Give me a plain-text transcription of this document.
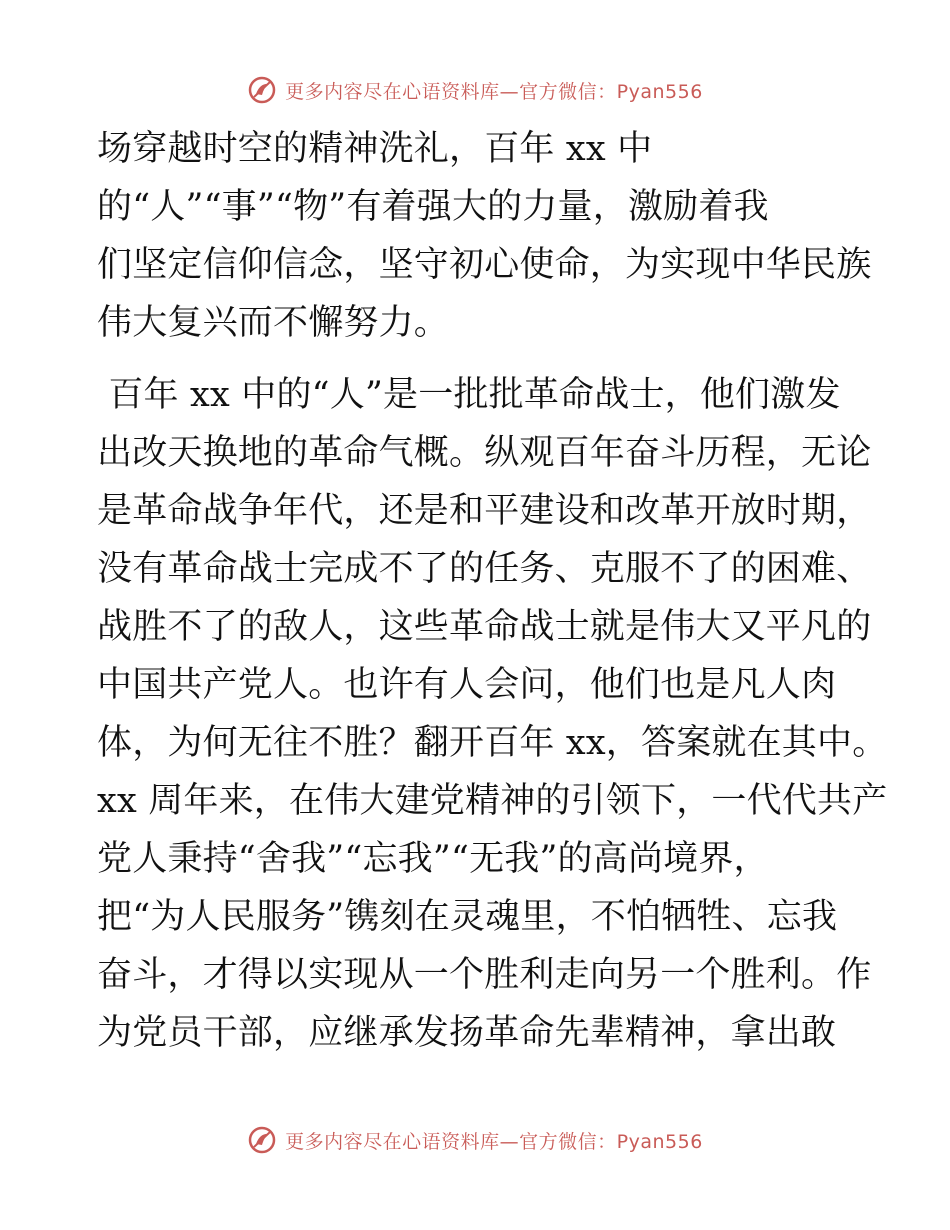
更多内容尽在心语资料库—官方微信：Pyan556
场穿越时空的精神洗礼，百年 xx 中
的“人”“事”“物”有着强大的力量，激励着我
们坚定信仰信念，坚守初心使命，为实现中华民族
伟大复兴而不懈努力。
百年 xx 中的“人”是一批批革命战士，他们激发
出改天换地的革命气概。纵观百年奋斗历程，无论
是革命战争年代，还是和平建设和改革开放时期，
没有革命战士完成不了的任务、克服不了的困难、
战胜不了的敌人，这些革命战士就是伟大又平凡的
中国共产党人。也许有人会问，他们也是凡人肉
体，为何无往不胜？翻开百年 xx，答案就在其中。
xx 周年来，在伟大建党精神的引领下，一代代共产
党人秉持“舍我”“忘我”“无我”的高尚境界，
把“为人民服务”镌刻在灵魂里，不怕牺牲、忘我
奋斗，才得以实现从一个胜利走向另一个胜利。作
为党员干部，应继承发扬革命先辈精神，拿出敢
更多内容尽在心语资料库—官方微信：Pyan556
